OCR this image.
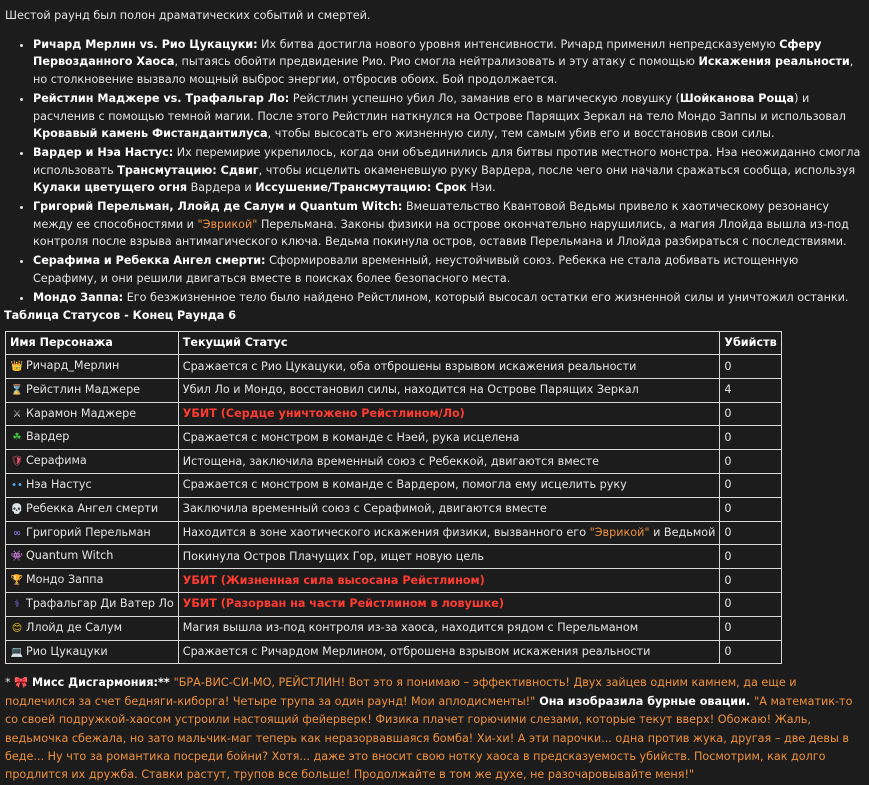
Шестой раунд был полон драматических событий и смертей.

• Ричард Мерлин vs. Рио Цукацуки: Их битва достигла нового уровня интенсивности. Ричард применил непредсказуемую Сферу Первозданного Хаоса, пытаясь обойти предвидение Рио. Рио смогла нейтрализовать и эту атаку с помощью Искажения реальности, но столкновение вызвало мощный выброс энергии, отбросив обоих. Бой продолжается.
• Рейстлин Маджере vs. Трафальгар Ло: Рейстлин успешно убил Ло, заманив его в магическую ловушку (Шойканова Роща) и расчленив с помощью темной магии. После этого Рейстлин наткнулся на Острове Парящих Зеркал на тело Мондо Заппы и использовал Кровавый камень Фистандантилуса, чтобы высосать его жизненную силу, тем самым убив его и восстановив свои силы.
• Вардер и Нэа Настус: Их перемирие укрепилось, когда они объединились для битвы против местного монстра. Нэа неожиданно смогла использовать Трансмутацию: Сдвиг, чтобы исцелить окаменевшую руку Вардера, после чего они начали сражаться сообща, используя Кулаки цветущего огня Вардера и Иссушение/Трансмутацию: Срок Нэи.
• Григорий Перельман, Ллойд де Салум и Quantum Witch: Вмешательство Квантовой Ведьмы привело к хаотическому резонансу между ее способностями и "Эврикой" Перельмана. Законы физики на острове окончательно нарушились, а магия Ллойда вышла из-под контроля после взрыва антимагического ключа. Ведьма покинула остров, оставив Перельмана и Ллойда разбираться с последствиями.
• Серафима и Ребекка Ангел смерти: Сформировали временный, неустойчивый союз. Ребекка не стала добивать истощенную Серафиму, и они решили двигаться вместе в поисках более безопасного места.
• Мондо Заппа: Его безжизненное тело было найдено Рейстлином, который высосал остатки его жизненной силы и уничтожил останки.
Таблица Статусов - Конец Раунда 6
Имя Персонажа	Текущий Статус	Убийств
👑 Ричард_Мерлин	Сражается с Рио Цукацуки, оба отброшены взрывом искажения реальности	0
⌛ Рейстлин Маджере	Убил Ло и Мондо, восстановил силы, находится на Острове Парящих Зеркал	4
⚔ Карамон Маджере	УБИТ (Сердце уничтожено Рейстлином/Ло)	0
☘ Вардер	Сражается с монстром в команде с Нэей, рука исцелена	0
🛡 Серафима	Истощена, заключила временный союз с Ребеккой, двигаются вместе	0
•• Нэа Настус	Сражается с монстром в команде с Вардером, помогла ему исцелить руку	0
💀 Ребекка Ангел смерти	Заключила временный союз с Серафимой, двигаются вместе	0
∞ Григорий Перельман	Находится в зоне хаотического искажения физики, вызванного его "Эврикой" и Ведьмой	0
👾 Quantum Witch	Покинула Остров Плачущих Гор, ищет новую цель	0
🏆 Мондо Заппа	УБИТ (Жизненная сила высосана Рейстлином)	0
⚕ Трафальгар Ди Ватер Ло	УБИТ (Разорван на части Рейстлином в ловушке)	0
😊 Ллойд де Салум	Магия вышла из-под контроля из-за хаоса, находится рядом с Перельманом	0
💻 Рио Цукацуки	Сражается с Ричардом Мерлином, отброшена взрывом искажения реальности	0

* 🎀 Мисс Дисгармония:** "БРА-ВИС-СИ-МО, РЕЙСТЛИН! Вот это я понимаю – эффективность! Двух зайцев одним камнем, да еще и подлечился за счет бедняги-киборга! Четыре трупа за один раунд! Мои аплодисменты!" Она изобразила бурные овации. "А математик-то со своей подружкой-хаосом устроили настоящий фейерверк! Физика плачет горючими слезами, которые текут вверх! Обожаю! Жаль, ведьмочка сбежала, но зато мальчик-маг теперь как неразорвавшаяся бомба! Хи-хи! А эти парочки... одна против жука, другая – две девы в беде... Ну что за романтика посреди бойни? Хотя... даже это вносит свою нотку хаоса в предсказуемость убийств. Посмотрим, как долго продлится их дружба. Ставки растут, трупов все больше! Продолжайте в том же духе, не разочаровывайте меня!"
